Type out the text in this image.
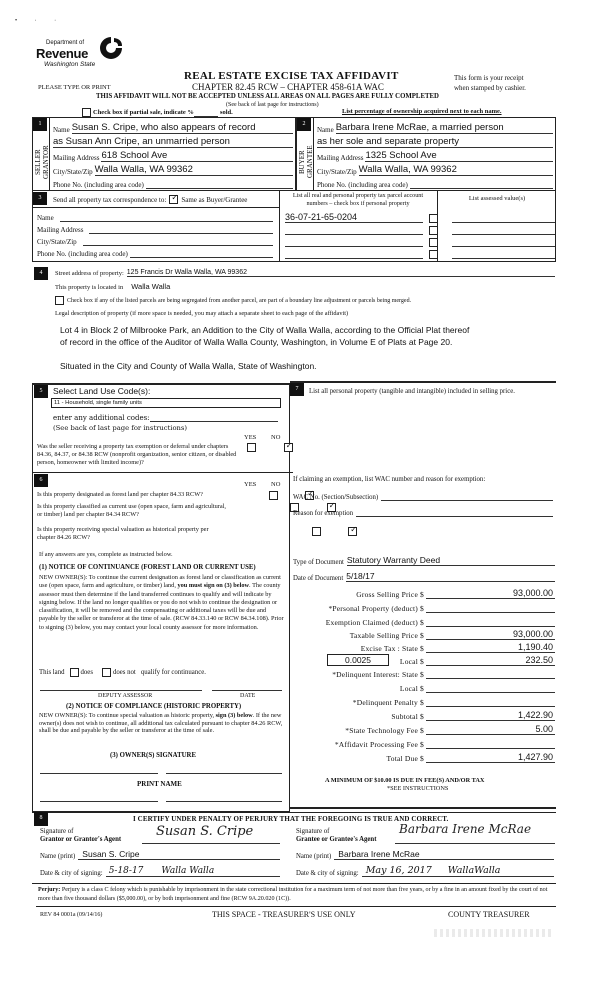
• · ·
Department of
Revenue
Washington State
REAL ESTATE EXCISE TAX AFFIDAVIT
CHAPTER 82.45 RCW – CHAPTER 458-61A WAC
PLEASE TYPE OR PRINT
This form is your receipt
when stamped by cashier.
THIS AFFIDAVIT WILL NOT BE ACCEPTED UNLESS ALL AREAS ON ALL PAGES ARE FULLY COMPLETED
(See back of last page for instructions)
Check box if partial sale, indicate %	sold.	List percentage of ownership acquired next to each name.
1
SELLER
GRANTOR
Name Susan S. Cripe, who also appears of record
as Susan Ann Cripe, an unmarried person
Mailing Address 618 School Ave
City/State/Zip Walla Walla, WA 99362
Phone No. (including area code)
2
BUYER
GRANTEE
Name Barbara Irene McRae, a married person
as her sole and separate property
Mailing Address 1325 School Ave
City/State/Zip Walla Walla, WA 99362
Phone No. (including area code)
3	Send all property tax correspondence to: ✓ Same as Buyer/Grantee
Name
Mailing Address
City/State/Zip
Phone No. (including area code)
List all real and personal property tax parcel account
numbers – check box if personal property
List assessed value(s)
36-07-21-65-0204
4	Street address of property: 125 Francis Dr Walla Walla, WA 99362
This property is located in Walla Walla
Check box if any of the listed parcels are being segregated from another parcel, are part of a boundary line adjustment or parcels being merged.
Legal description of property (if more space is needed, you may attach a separate sheet to each page of the affidavit)
Lot 4 in Block 2 of Milbrooke Park, an Addition to the City of Walla Walla, according to the Official Plat thereof
of record in the office of the Auditor of Walla Walla County, Washington, in Volume E of Plats at Page 20.
Situated in the City and County of Walla Walla, State of Washington.
5	Select Land Use Code(s):
11 - Household, single family units
enter any additional codes:
(See back of last page for instructions)
YES NO
Was the seller receiving a property tax exemption or deferral under chapters 84.36, 84.37, or 84.38 RCW (nonprofit organization, senior citizen, or disabled person, homeowner with limited income)?
✓
6
YES NO
Is this property designated as forest land per chapter 84.33 RCW?
✓
Is this property classified as current use (open space, farm and agricultural, or timber) land per chapter 84.34 RCW?
✓
Is this property receiving special valuation as historical property per chapter 84.26 RCW?
✓
If any answers are yes, complete as instructed below.
(1) NOTICE OF CONTINUANCE (FOREST LAND OR CURRENT USE)
NEW OWNER(S): To continue the current designation as forest land or classification as current use (open space, farm and agriculture, or timber) land, you must sign on (3) below. The county assessor must then determine if the land transferred continues to qualify and will indicate by signing below. If the land no longer qualifies or you do not wish to continue the designation or classification, it will be removed and the compensating or additional taxes will be due and payable by the seller or transferor at the time of sale. (RCW 84.33.140 or RCW 84.34.108). Prior to signing (3) below, you may contact your local county assessor for more information.
This land does	does not qualify for continuance.
DEPUTY ASSESSOR	DATE
(2) NOTICE OF COMPLIANCE (HISTORIC PROPERTY)
NEW OWNER(S): To continue special valuation as historic property, sign (3) below. If the new owner(s) does not wish to continue, all additional tax calculated pursuant to chapter 84.26 RCW, shall be due and payable by the seller or transferor at the time of sale.
(3) OWNER(S) SIGNATURE
PRINT NAME
7	List all personal property (tangible and intangible) included in selling price.
If claiming an exemption, list WAC number and reason for exemption:
WAC No. (Section/Subsection)
Reason for exemption
Type of Document Statutory Warranty Deed
Date of Document 5/18/17
Gross Selling Price $	93,000.00
*Personal Property (deduct) $
Exemption Claimed (deduct) $
Taxable Selling Price $	93,000.00
Excise Tax : State $	1,190.40
0.0025	Local $	232.50
*Delinquent Interest: State $
Local $
*Delinquent Penalty $
Subtotal $	1,422.90
*State Technology Fee $	5.00
*Affidavit Processing Fee $
Total Due $	1,427.90
A MINIMUM OF $10.00 IS DUE IN FEE(S) AND/OR TAX
*SEE INSTRUCTIONS
8	I CERTIFY UNDER PENALTY OF PERJURY THAT THE FOREGOING IS TRUE AND CORRECT.
Signature of
Grantor or Grantor's Agent
Susan S. Cripe
Name (print) Susan S. Cripe
Date & city of signing: 5-18-17 Walla Walla
Signature of
Grantee or Grantee's Agent
Barbara Irene McRae
Name (print) Barbara Irene McRae
Date & city of signing: May 16, 2017 WallaWalla
Perjury: Perjury is a class C felony which is punishable by imprisonment in the state correctional institution for a maximum term of not more than five years, or by a fine in an amount fixed by the court of not more than five thousand dollars ($5,000.00), or by both imprisonment and fine (RCW 9A.20.020 (1C)).
REV 84 0001a (09/14/16)	THIS SPACE - TREASURER'S USE ONLY	COUNTY TREASURER
